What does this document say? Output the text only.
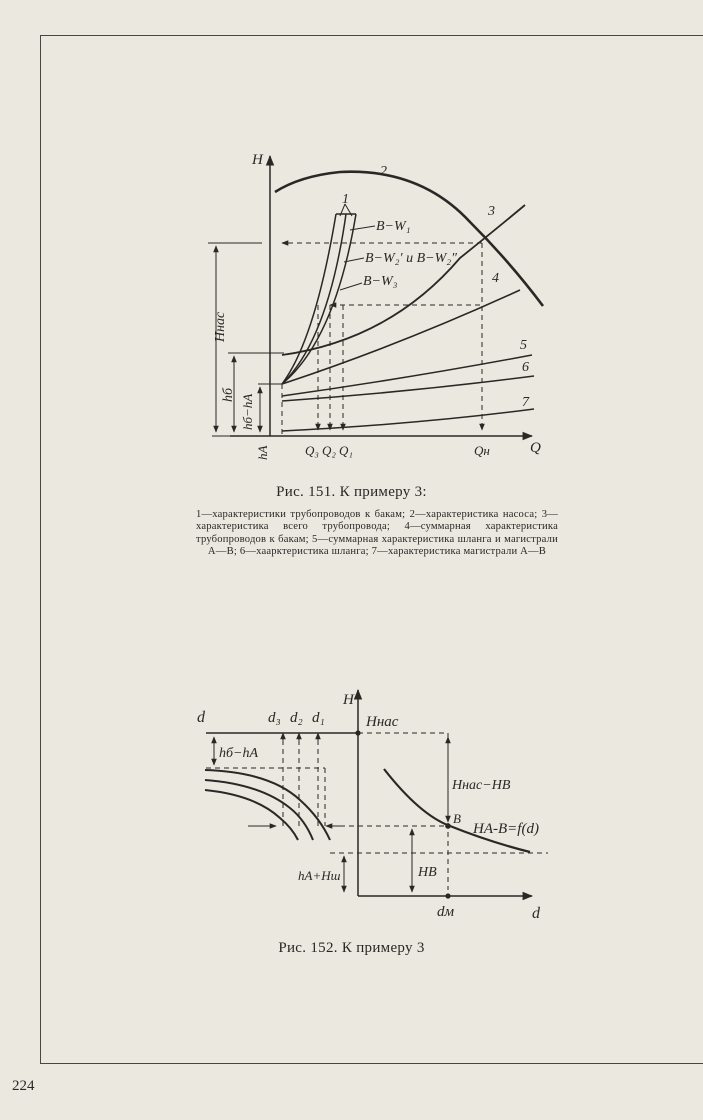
H
Q
2
1
3
4
5
6
7
B−W₁
B−W₂′ и B−W₂″
B−W₃
Q₃ Q₂ Q₁	Qн
Hнас
hб hб−hA
hA
Рис. 151. К примеру 3:
1—характеристики трубопроводов к бакам; 2—характеристика насоса; 3—характеристика всего трубопровода; 4—суммарная характеристика трубопроводов к бакам; 5—суммарная характеристика шланга и магистрали A—B; 6—хаарктеристика шланга; 7—характеристика магистрали A—B
H
d	d₃ d₂ d₁	Hнас
hб−hA
Hнас−HB
B
HA-B=f(d)
HB
hA+Hш
dм	d
Рис. 152. К примеру 3
224
